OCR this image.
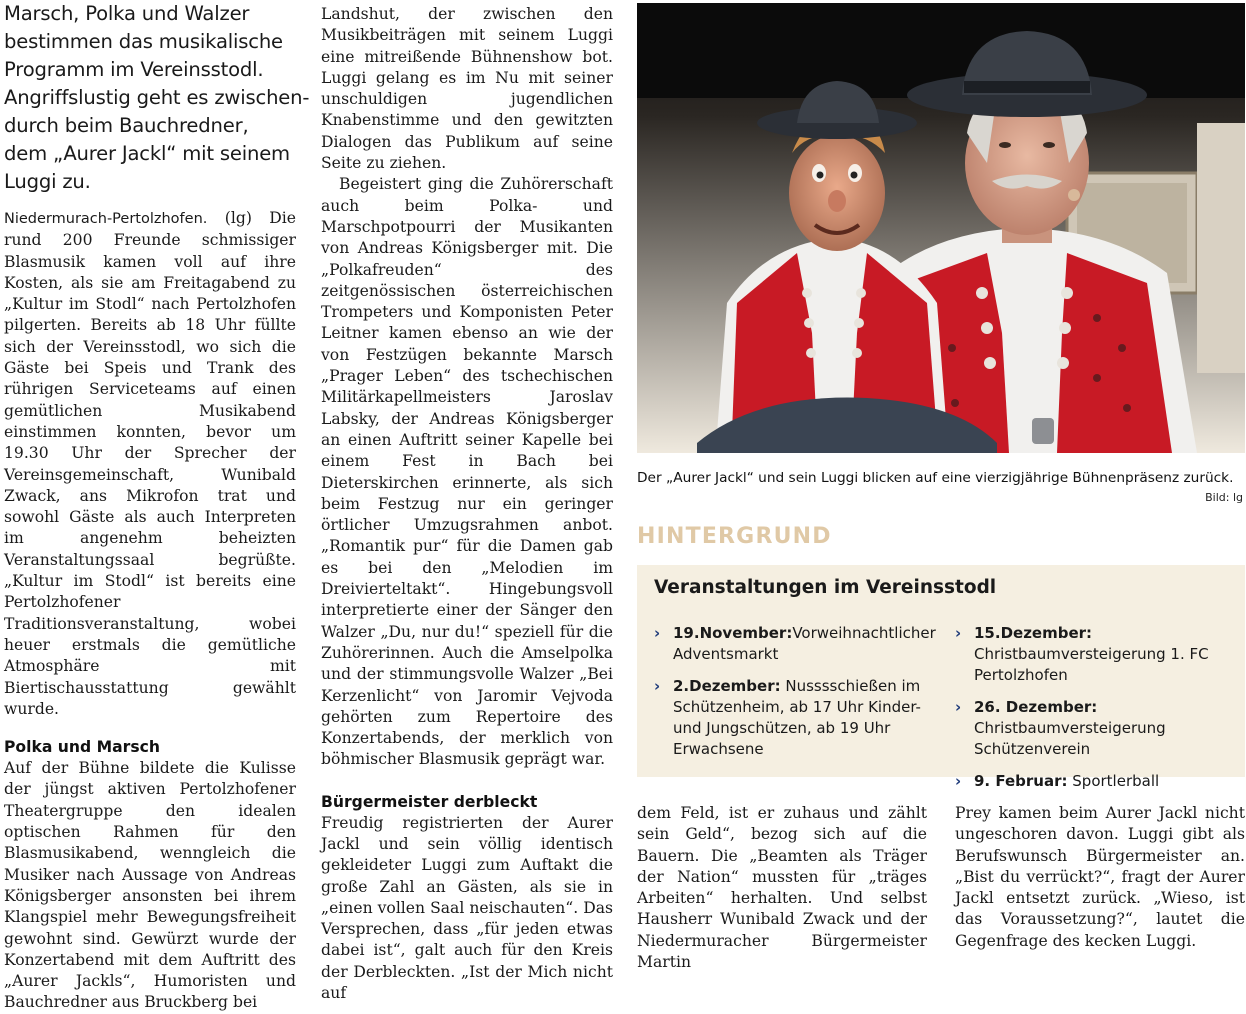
Marsch, Polka und Walzer
bestimmen das musikalische
Programm im Vereinsstodl.
Angriffslustig geht es zwischen-
durch beim Bauchredner,
dem „Aurer Jackl“ mit seinem
Luggi zu.

Niedermurach-Pertolzhofen. (lg) Die rund 200 Freunde schmissiger Blasmusik kamen voll auf ihre Kosten, als sie am Freitagabend zu „Kultur im Stodl“ nach Pertolzhofen pilgerten. Bereits ab 18 Uhr füllte sich der Vereinsstodl, wo sich die Gäste bei Speis und Trank des rührigen Serviceteams auf einen gemütlichen Musikabend einstimmen konnten, bevor um 19.30 Uhr der Sprecher der Vereinsgemeinschaft, Wunibald Zwack, ans Mikrofon trat und sowohl Gäste als auch Interpreten im angenehm beheizten Veranstaltungssaal begrüßte. „Kultur im Stodl“ ist bereits eine Pertolzhofener Traditionsveranstaltung, wobei heuer erstmals die gemütliche Atmosphäre mit Biertischausstattung gewählt wurde.

Polka und Marsch

Auf der Bühne bildete die Kulisse der jüngst aktiven Pertolzhofener Theatergruppe den idealen optischen Rahmen für den Blasmusikabend, wenngleich die Musiker nach Aussage von Andreas Königsberger ansonsten bei ihrem Klangspiel mehr Bewegungsfreiheit gewohnt sind. Gewürzt wurde der Konzertabend mit dem Auftritt des „Aurer Jackls“, Humoristen und Bauchredner aus Bruckberg bei

Landshut, der zwischen den Musikbeiträgen mit seinem Luggi eine mitreißende Bühnenshow bot. Luggi gelang es im Nu mit seiner unschuldigen jugendlichen Knabenstimme und den gewitzten Dialogen das Publikum auf seine Seite zu ziehen.

Begeistert ging die Zuhörerschaft auch beim Polka- und Marschpotpourri der Musikanten von Andreas Königsberger mit. Die „Polkafreuden“ des zeitgenössischen österreichischen Trompeters und Komponisten Peter Leitner kamen ebenso an wie der von Festzügen bekannte Marsch „Prager Leben“ des tschechischen Militärkapellmeisters Jaroslav Labsky, der Andreas Königsberger an einen Auftritt seiner Kapelle bei einem Fest in Bach bei Dieterskirchen erinnerte, als sich beim Festzug nur ein geringer örtlicher Umzugsrahmen anbot. „Romantik pur“ für die Damen gab es bei den „Melodien im Dreivierteltakt“. Hingebungsvoll interpretierte einer der Sänger den Walzer „Du, nur du!“ speziell für die Zuhörerinnen. Auch die Amselpolka und der stimmungsvolle Walzer „Bei Kerzenlicht“ von Jaromir Vejvoda gehörten zum Repertoire des Konzertabends, der merklich von böhmischer Blasmusik geprägt war.

Bürgermeister derbleckt

Freudig registrierten der Aurer Jackl und sein völlig identisch gekleideter Luggi zum Auftakt die große Zahl an Gästen, als sie in „einen vollen Saal neischauten“. Das Versprechen, dass „für jeden etwas dabei ist“, galt auch für den Kreis der Derbleckten. „Ist der Mich nicht auf

Der „Aurer Jackl“ und sein Luggi blicken auf eine vierzigjährige Bühnenpräsenz zurück.
Bild: lg
HINTERGRUND
Veranstaltungen im Vereinsstodl
› 19.November:Vorweihnachtlicher Adventsmarkt
› 2.Dezember: Nusssschießen im Schützenheim, ab 17 Uhr Kinder- und Jungschützen, ab 19 Uhr Erwachsene
› 15.Dezember: Christbaumversteigerung 1. FC Pertolzhofen
› 26. Dezember: Christbaumversteigerung Schützenverein
› 9. Februar: Sportlerball

dem Feld, ist er zuhaus und zählt sein Geld“, bezog sich auf die Bauern. Die „Beamten als Träger der Nation“ mussten für „träges Arbeiten“ herhalten. Und selbst Hausherr Wunibald Zwack und der Niedermuracher Bürgermeister Martin

Prey kamen beim Aurer Jackl nicht ungeschoren davon. Luggi gibt als Berufswunsch Bürgermeister an. „Bist du verrückt?“, fragt der Aurer Jackl entsetzt zurück. „Wieso, ist das Voraussetzung?“, lautet die Gegenfrage des kecken Luggi.
